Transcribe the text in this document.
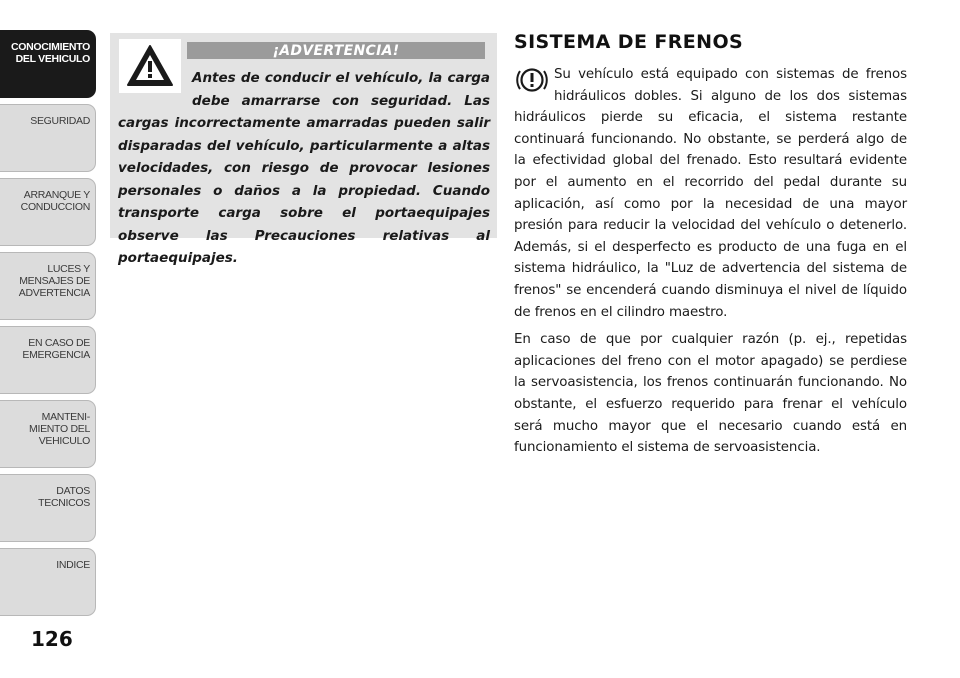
CONOCIMIENTO
DEL VEHICULO
SEGURIDAD
ARRANQUE Y
CONDUCCION
LUCES Y
MENSAJES DE
ADVERTENCIA
EN CASO DE
EMERGENCIA
MANTENI-
MIENTO DEL
VEHICULO
DATOS
TECNICOS
INDICE
126
¡ADVERTENCIA!

Antes de conducir el vehículo, la carga debe amarrarse con seguridad. Las cargas incorrectamente amarradas pueden salir disparadas del vehículo, particularmente a altas velocidades, con riesgo de provocar lesiones personales o daños a la propiedad. Cuando transporte carga sobre el portaequipajes observe las Precauciones relativas al portaequipajes.

SISTEMA DE FRENOS

Su vehículo está equipado con sistemas de frenos hidráulicos dobles. Si alguno de los dos sistemas hidráulicos pierde su eficacia, el sistema restante continuará funcionando. No obstante, se perderá algo de la efectividad global del frenado. Esto resultará evidente por el aumento en el recorrido del pedal durante su aplicación, así como por la necesidad de una mayor presión para reducir la velocidad del vehículo o detenerlo. Además, si el desperfecto es producto de una fuga en el sistema hidráulico, la "Luz de advertencia del sistema de frenos" se encenderá cuando disminuya el nivel de líquido de frenos en el cilindro maestro.

En caso de que por cualquier razón (p. ej., repetidas aplicaciones del freno con el motor apagado) se perdiese la servoasistencia, los frenos continuarán funcionando. No obstante, el esfuerzo requerido para frenar el vehículo será mucho mayor que el necesario cuando está en funcionamiento el sistema de servoasistencia.
